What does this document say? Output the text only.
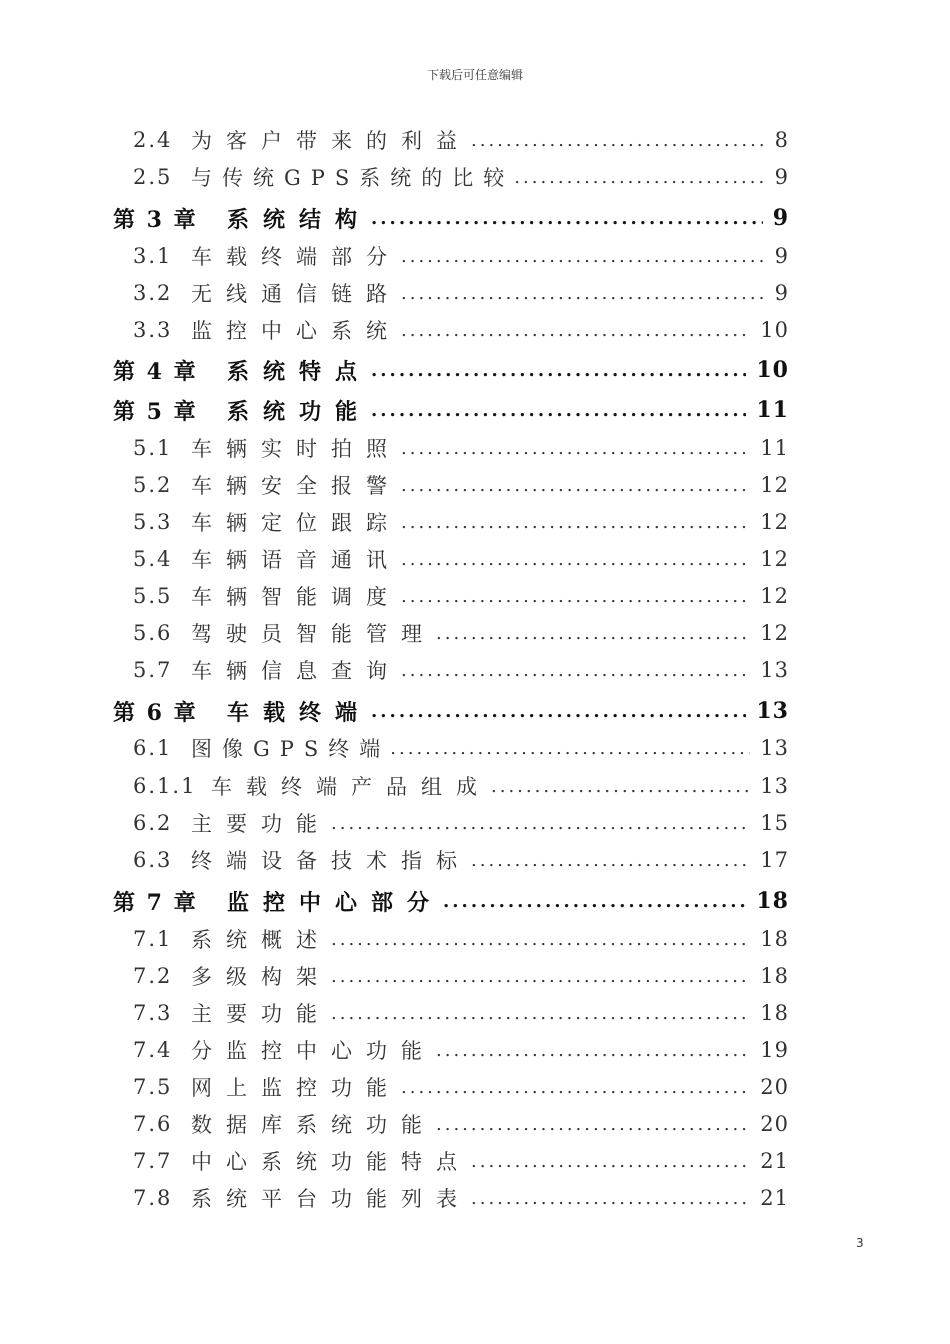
下载后可任意编辑
2.4 为客户带来的利益 .....	8
2.5 与传统GPS系统的比较 .....	9
第 3 章	系统结构 .....	9
3.1 车载终端部分 .....	9
3.2 无线通信链路 .....	9
3.3 监控中心系统 .....	10
第 4 章	系统特点 .....	10
第 5 章	系统功能 .....	11
5.1 车辆实时拍照 .....	11
5.2 车辆安全报警 .....	12
5.3 车辆定位跟踪 .....	12
5.4 车辆语音通讯 .....	12
5.5 车辆智能调度 .....	12
5.6 驾驶员智能管理 .....	12
5.7 车辆信息查询 .....	13
第 6 章	车载终端 .....	13
6.1 图像GPS终端 .....	13
6.1.1 车载终端产品组成 .....	13
6.2 主要功能 .....	15
6.3 终端设备技术指标 .....	17
第 7 章	监控中心部分 .....	18
7.1 系统概述 .....	18
7.2 多级构架 .....	18
7.3 主要功能 .....	18
7.4 分监控中心功能 .....	19
7.5 网上监控功能 .....	20
7.6 数据库系统功能 .....	20
7.7 中心系统功能特点 .....	21
7.8 系统平台功能列表 .....	21
3
